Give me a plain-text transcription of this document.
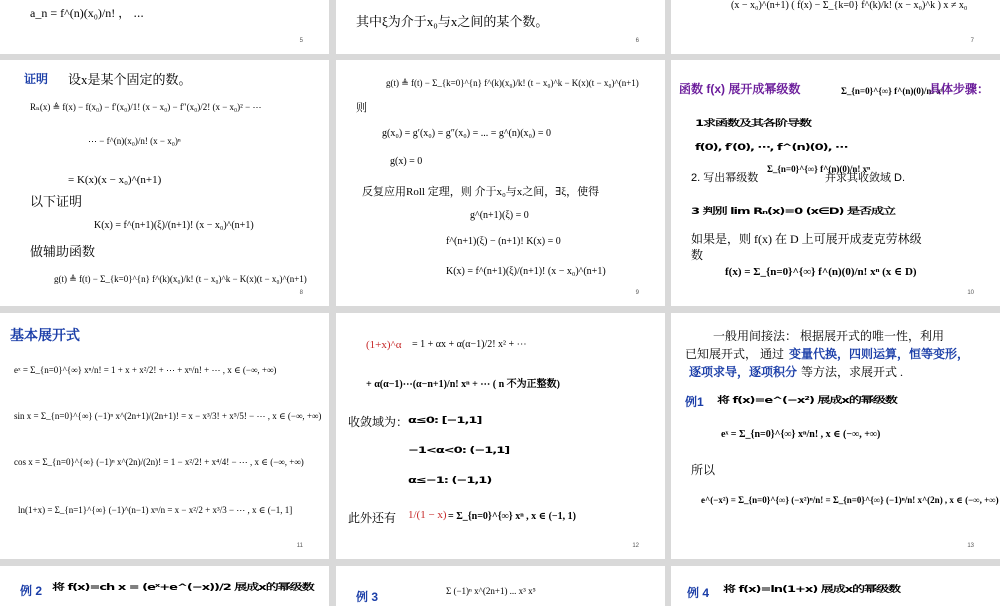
a_n = f^(n)(x₀)/n! ， ⋯
5
其中ξ为介于x₀与x之间的某个数。
6
(x − x₀)^(n+1) ( f(x) − Σ_{k=0} f^(k)/k! (x − x₀)^k ) x ≠ x₀
7
证明 设x是某个固定的数。
Rₙ(x) ≜ f(x) − f(x₀) − f′(x₀)/1! (x − x₀) − f″(x₀)/2! (x − x₀)² − ⋯
⋯ − f^(n)(x₀)/n! (x − x₀)ⁿ
= K(x)(x − x₀)^(n+1)
以下证明
K(x) = f^(n+1)(ξ)/(n+1)! (x − x₀)^(n+1)
做辅助函数
g(t) ≜ f(t) − Σ_{k=0}^{n} f^(k)(x₀)/k! (t − x₀)^k − K(x)(t − x₀)^(n+1)
8
g(t) ≜ f(t) − Σ_{k=0}^{n} f^(k)(x₀)/k! (t − x₀)^k − K(x)(t − x₀)^(n+1)
则
g(x₀) = g′(x₀) = g″(x₀) = ... = g^(n)(x₀) = 0
g(x) = 0
反复应用Roll 定理，则 介于x₀与x之间，∃ξ，使得
g^(n+1)(ξ) = 0
f^(n+1)(ξ) − (n+1)! K(x) = 0
K(x) = f^(n+1)(ξ)/(n+1)! (x − x₀)^(n+1)
9
函数 f(x) 展开成幂级数	Σ_{n=0}^{∞} f^(n)(0)/n! xⁿ
具体步骤：
1求函数及其各阶导数
f(0), f′(0), ⋯, f^(n)(0), ⋯
2. 写出幂级数
Σ_{n=0}^{∞} f^(n)(0)/n! xⁿ
并求其收敛域 D.
3 判别 lim Rₙ(x)=0 (x∈D) 是否成立
如果是，则 f(x) 在 D 上可展开成麦克劳林级
数
f(x) = Σ_{n=0}^{∞} f^(n)(0)/n! xⁿ (x ∈ D)
10
基本展开式
eˣ = Σ_{n=0}^{∞} xⁿ/n! = 1 + x + x²/2! + ⋯ + xⁿ/n! + ⋯ , x ∈ (−∞, +∞)
sin x = Σ_{n=0}^{∞} (−1)ⁿ x^(2n+1)/(2n+1)! = x − x³/3! + x⁵/5! − ⋯ , x ∈ (−∞, +∞)
cos x = Σ_{n=0}^{∞} (−1)ⁿ x^(2n)/(2n)! = 1 − x²/2! + x⁴/4! − ⋯ , x ∈ (−∞, +∞)
ln(1+x) = Σ_{n=1}^{∞} (−1)^(n−1) xⁿ/n = x − x²/2 + x³/3 − ⋯ , x ∈ (−1, 1]
11
(1+x)^α = 1 + αx + α(α−1)/2! x² + ⋯
+ α(α−1)⋯(α−n+1)/n! xⁿ + ⋯ ( n 不为正整数)
收敛域为： α≤0: [−1,1]
−1<α<0: (−1,1]
α≤−1: (−1,1)
此外还有 1/(1 − x) = Σ_{n=0}^{∞} xⁿ , x ∈ (−1, 1)
12
一般用间接法： 根据展开式的唯一性，利用
已知展开式， 通过 变量代换，四则运算，恒等变形，
逐项求导，逐项积分 等方法，求展开式 .
例1 将 f(x)=e^(−x²) 展成x的幂级数
eˣ = Σ_{n=0}^{∞} xⁿ/n! , x ∈ (−∞, +∞)
所以
e^(−x²) = Σ_{n=0}^{∞} (−x²)ⁿ/n! = Σ_{n=0}^{∞} (−1)ⁿ/n! x^(2n) , x ∈ (−∞, +∞)
13
例 2 将 f(x)=ch x = (eˣ+e^(−x))/2 展成x的幂级数
例 3	Σ (−1)ⁿ x^(2n+1) ... x³ x⁵	例 4 将 f(x)=ln(1+x) 展成x的幂级数
